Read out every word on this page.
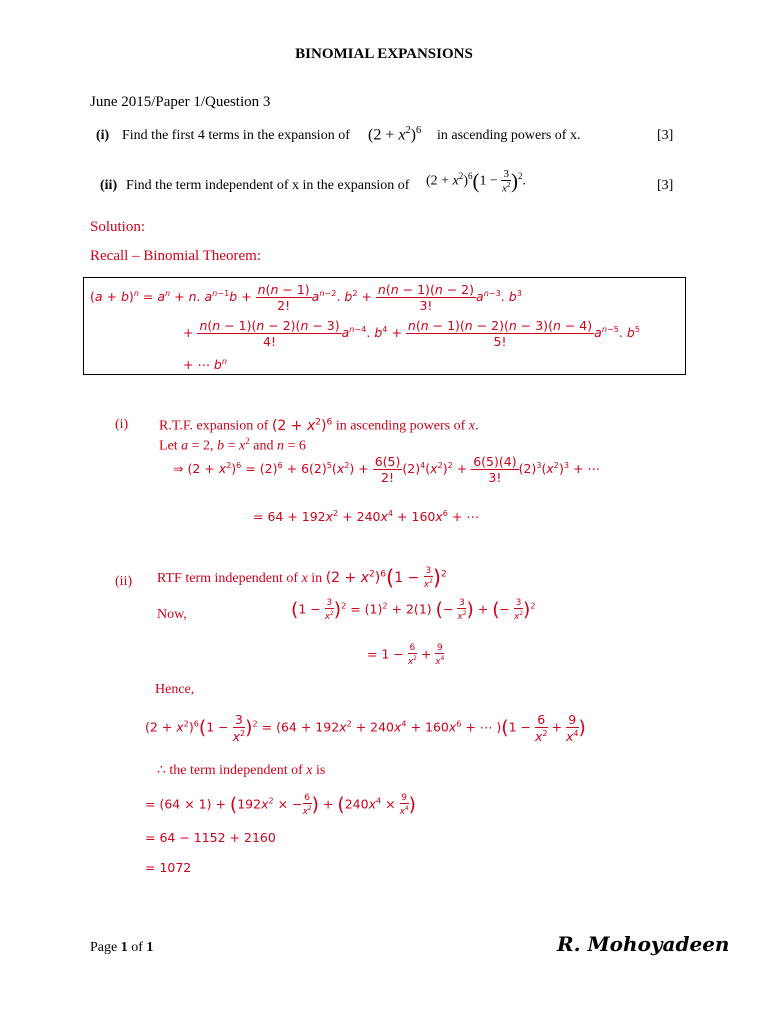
BINOMIAL EXPANSIONS
June 2015/Paper 1/Question 3
(i) Find the first 4 terms in the expansion of $(2 + x^2)^6$ in ascending powers of x.	[3]
(ii) Find the term independent of x in the expansion of $(2 + x^2)^6(1 - \frac{3}{x^2} )^2$.	[3]
Solution:
Recall – Binomial Theorem:
$(a + b)^n = a^n + n$. $a^{n-1}b + \frac{n(n - 1)}{2!} a^{n-2}$. $b^2 + \frac{n(n - 1)(n - 2)}{3!} a^{n-3}$. $b^3$
+ $\frac{n(n - 1)(n - 2)(n - 3)}{4!} a^{n-4}$. $b^4 + \frac{n(n - 1)(n - 2)(n - 3)(n - 4)}{5!} a^{n-5}$. $b^5$
+ ⋯ $b^n$
(i) R.T.F. expansion of $(2 + x^2)^6$ in ascending powers of x.
Let a = 2, $b = x^2$ and n = 6
⇒ $(2 + x^2)^6 = (2)^6 + 6(2)^5(x^2) + \frac{6(5)}{2!} (2)^4(x^2)^2 + \frac{6(5)(4)}{3!} (2)^3(x^2)^3$ + ⋯
= $64 + 192x^2 + 240x^4 + 160x^6$ + ⋯
(ii) RTF term independent of x in $(2 + x^2)^6(1 - \frac{3}{x^2} )^2$
Now,	$(1 - \frac{3}{x^2} )^2 = (1)^2 + 2(1)$ (− $\frac{3}{x^2}$ ) + (− $\frac{3}{x^2} )^2$
= $1 - \frac{6}{x^2} + \frac{9}{x^4}$
Hence,
$(2 + x^2)^6(1 - \frac{3}{x^2} )^2 = (64 + 192x^2 + 240x^4 + 160x^6$ + ⋯ )($1 - \frac{6}{x^2} + \frac{9}{x^4}$ )
∴ the term independent of x is
= $(64 \times 1) + (192x^2$ × − $\frac{6}{x^2}$ ) + ($240x^4 \times \frac{9}{x^4}$ )
= 64 − 1152 + 2160
= 1072
Page 1 of 1	R. Mohoyadeen
